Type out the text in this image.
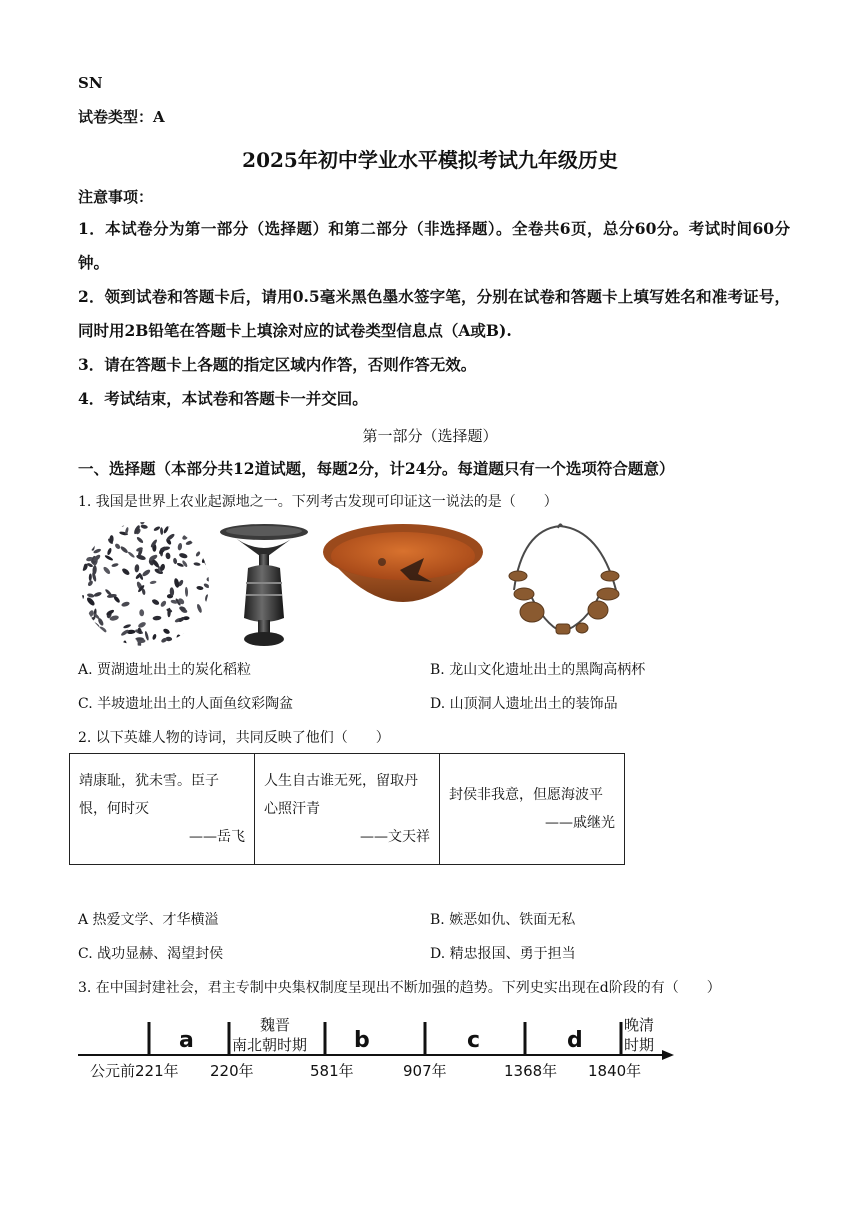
SN
试卷类型：A
2025年初中学业水平模拟考试九年级历史
注意事项：
1．本试卷分为第一部分（选择题）和第二部分（非选择题）。全卷共6页，总分60分。考试时间60分钟。
2．领到试卷和答题卡后，请用0.5毫米黑色墨水签字笔，分别在试卷和答题卡上填写姓名和准考证号，同时用2B铅笔在答题卡上填涂对应的试卷类型信息点（A或B).
3．请在答题卡上各题的指定区域内作答，否则作答无效。
4．考试结束，本试卷和答题卡一并交回。
第一部分（选择题）
一、选择题（本部分共12道试题，每题2分，计24分。每道题只有一个选项符合题意）
1. 我国是世界上农业起源地之一。下列考古发现可印证这一说法的是（　　）
A. 贾湖遗址出土的炭化稻粒	B. 龙山文化遗址出土的黑陶高柄杯
C. 半坡遗址出土的人面鱼纹彩陶盆	D. 山顶洞人遗址出土的装饰品
2. 以下英雄人物的诗词，共同反映了他们（　　）
靖康耻，犹未雪。臣子恨，何时灭
——岳飞

人生自古谁无死，留取丹心照汗青
——文天祥

封侯非我意，但愿海波平
——戚继光
A 热爱文学、才华横溢	B. 嫉恶如仇、铁面无私
C. 战功显赫、渴望封侯	D. 精忠报国、勇于担当
3. 在中国封建社会，君主专制中央集权制度呈现出不断加强的趋势。下列史实出现在d阶段的有（　　）
a
魏晋
南北朝时期 b	c	d
晚清
时期
公元前221年 220年	581年	907年	1368年 1840年
